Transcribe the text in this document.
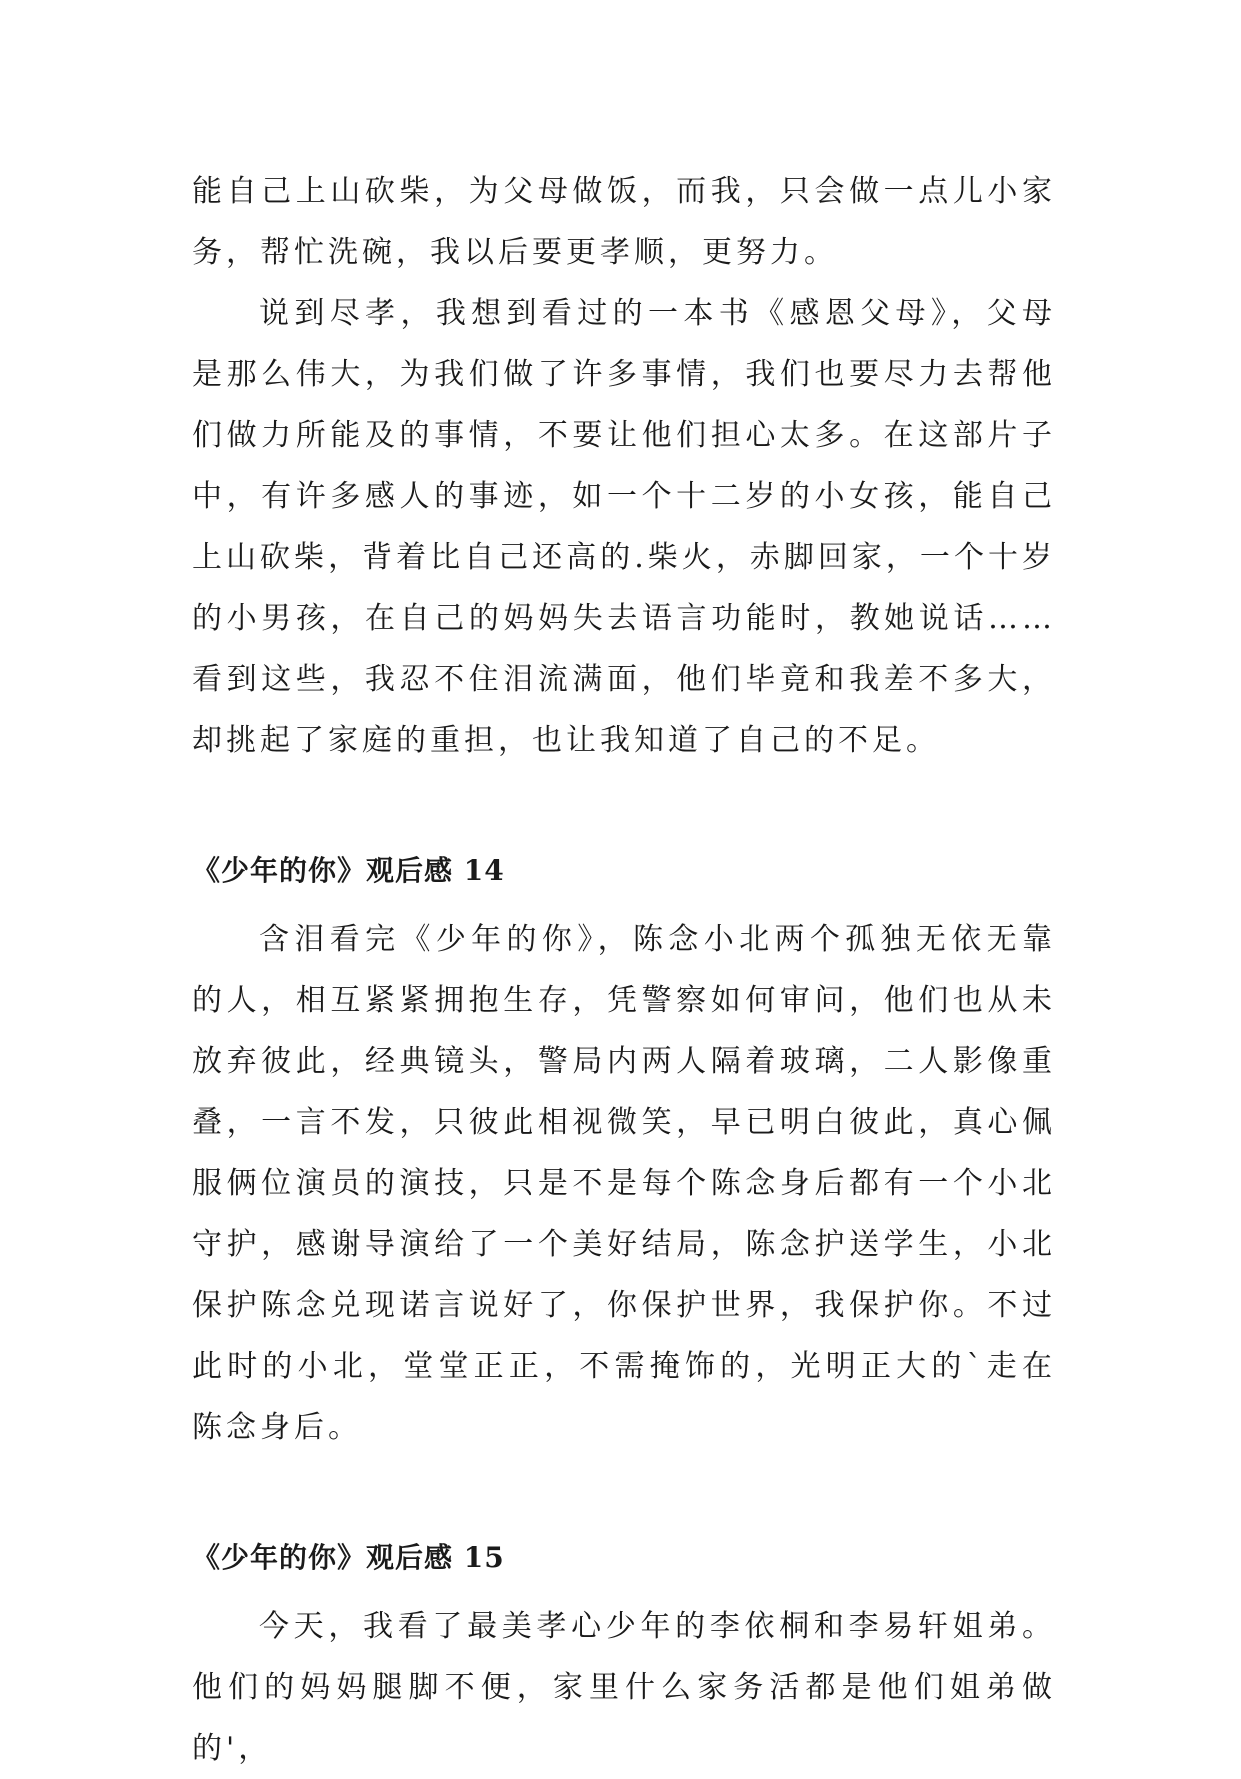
能自己上山砍柴，为父母做饭，而我，只会做一点儿小家务，帮忙洗碗，我以后要更孝顺，更努力。

说到尽孝，我想到看过的一本书《感恩父母》，父母是那么伟大，为我们做了许多事情，我们也要尽力去帮他们做力所能及的事情，不要让他们担心太多。在这部片子中，有许多感人的事迹，如一个十二岁的小女孩，能自己上山砍柴，背着比自己还高的.柴火，赤脚回家，一个十岁的小男孩，在自己的妈妈失去语言功能时，教她说话……看到这些，我忍不住泪流满面，他们毕竟和我差不多大，却挑起了家庭的重担，也让我知道了自己的不足。

《少年的你》观后感 14

含泪看完《少年的你》，陈念小北两个孤独无依无靠的人，相互紧紧拥抱生存，凭警察如何审问，他们也从未放弃彼此，经典镜头，警局内两人隔着玻璃，二人影像重叠，一言不发，只彼此相视微笑，早已明白彼此，真心佩服俩位演员的演技，只是不是每个陈念身后都有一个小北守护，感谢导演给了一个美好结局，陈念护送学生，小北保护陈念兑现诺言说好了，你保护世界，我保护你。不过此时的小北，堂堂正正，不需掩饰的，光明正大的`走在陈念身后。

《少年的你》观后感 15

今天，我看了最美孝心少年的李依桐和李易轩姐弟。他们的妈妈腿脚不便，家里什么家务活都是他们姐弟做的'，
